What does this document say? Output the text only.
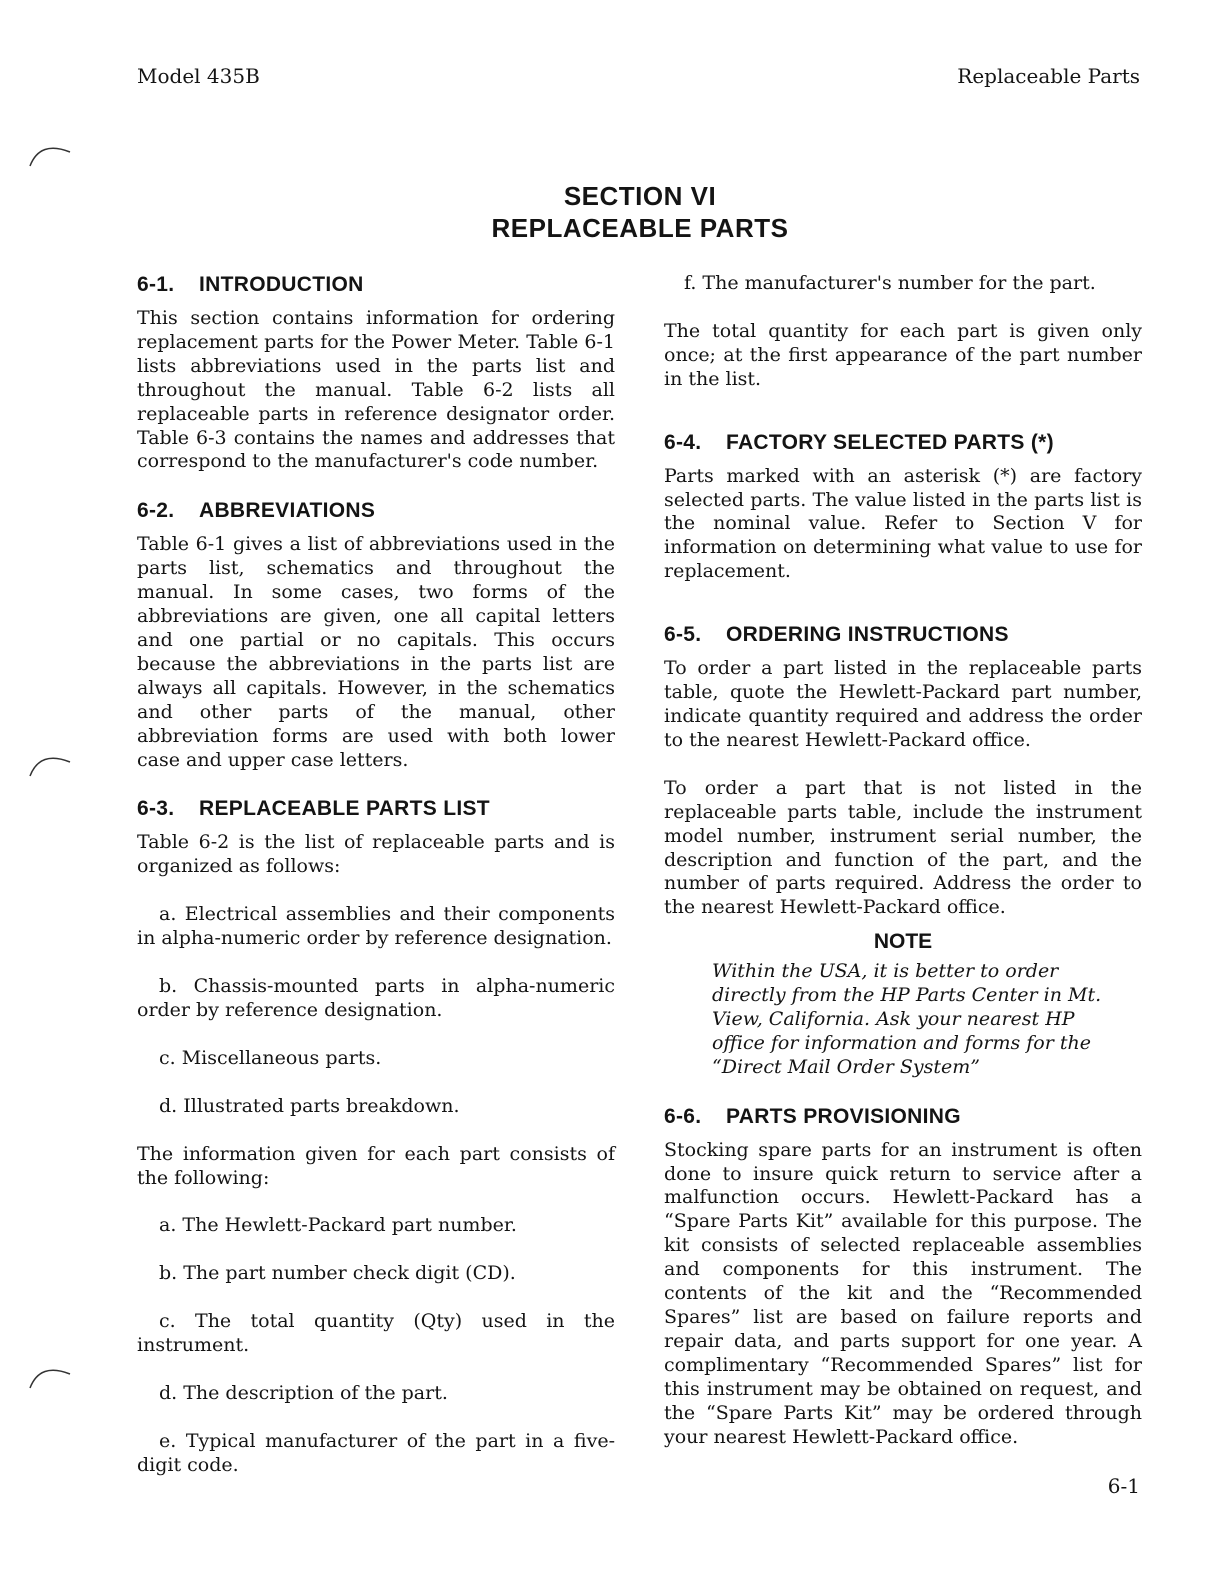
Model 435B	Replaceable Parts
SECTION VI
REPLACEABLE PARTS
6-1. INTRODUCTION

This section contains information for ordering replacement parts for the Power Meter. Table 6-1 lists abbreviations used in the parts list and throughout the manual. Table 6-2 lists all replaceable parts in reference designator order. Table 6-3 contains the names and addresses that correspond to the manufacturer's code number.

6-2. ABBREVIATIONS

Table 6-1 gives a list of abbreviations used in the parts list, schematics and throughout the manual. In some cases, two forms of the abbreviations are given, one all capital letters and one partial or no capitals. This occurs because the abbreviations in the parts list are always all capitals. However, in the schematics and other parts of the manual, other abbreviation forms are used with both lower case and upper case letters.

6-3. REPLACEABLE PARTS LIST

Table 6-2 is the list of replaceable parts and is organized as follows:

a. Electrical assemblies and their components in alpha-numeric order by reference designation.
b. Chassis-mounted parts in alpha-numeric order by reference designation.
c. Miscellaneous parts.
d. Illustrated parts breakdown.

The information given for each part consists of the following:

a. The Hewlett-Packard part number.
b. The part number check digit (CD).
c. The total quantity (Qty) used in the instrument.
d. The description of the part.
e. Typical manufacturer of the part in a five-digit code.
f. The manufacturer's number for the part.

The total quantity for each part is given only once; at the first appearance of the part number in the list.

6-4. FACTORY SELECTED PARTS (*)

Parts marked with an asterisk (*) are factory selected parts. The value listed in the parts list is the nominal value. Refer to Section V for information on determining what value to use for replacement.

6-5. ORDERING INSTRUCTIONS

To order a part listed in the replaceable parts table, quote the Hewlett-Packard part number, indicate quantity required and address the order to the nearest Hewlett-Packard office.

To order a part that is not listed in the replaceable parts table, include the instrument model number, instrument serial number, the description and function of the part, and the number of parts required. Address the order to the nearest Hewlett-Packard office.

NOTE
Within the USA, it is better to order directly from the HP Parts Center in Mt. View, California. Ask your nearest HP office for information and forms for the “Direct Mail Order System”
6-6. PARTS PROVISIONING

Stocking spare parts for an instrument is often done to insure quick return to service after a malfunction occurs. Hewlett-Packard has a “Spare Parts Kit” available for this purpose. The kit consists of selected replaceable assemblies and components for this instrument. The contents of the kit and the “Recommended Spares” list are based on failure reports and repair data, and parts support for one year. A complimentary “Recommended Spares” list for this instrument may be obtained on request, and the “Spare Parts Kit” may be ordered through your nearest Hewlett-Packard office.

6-1
